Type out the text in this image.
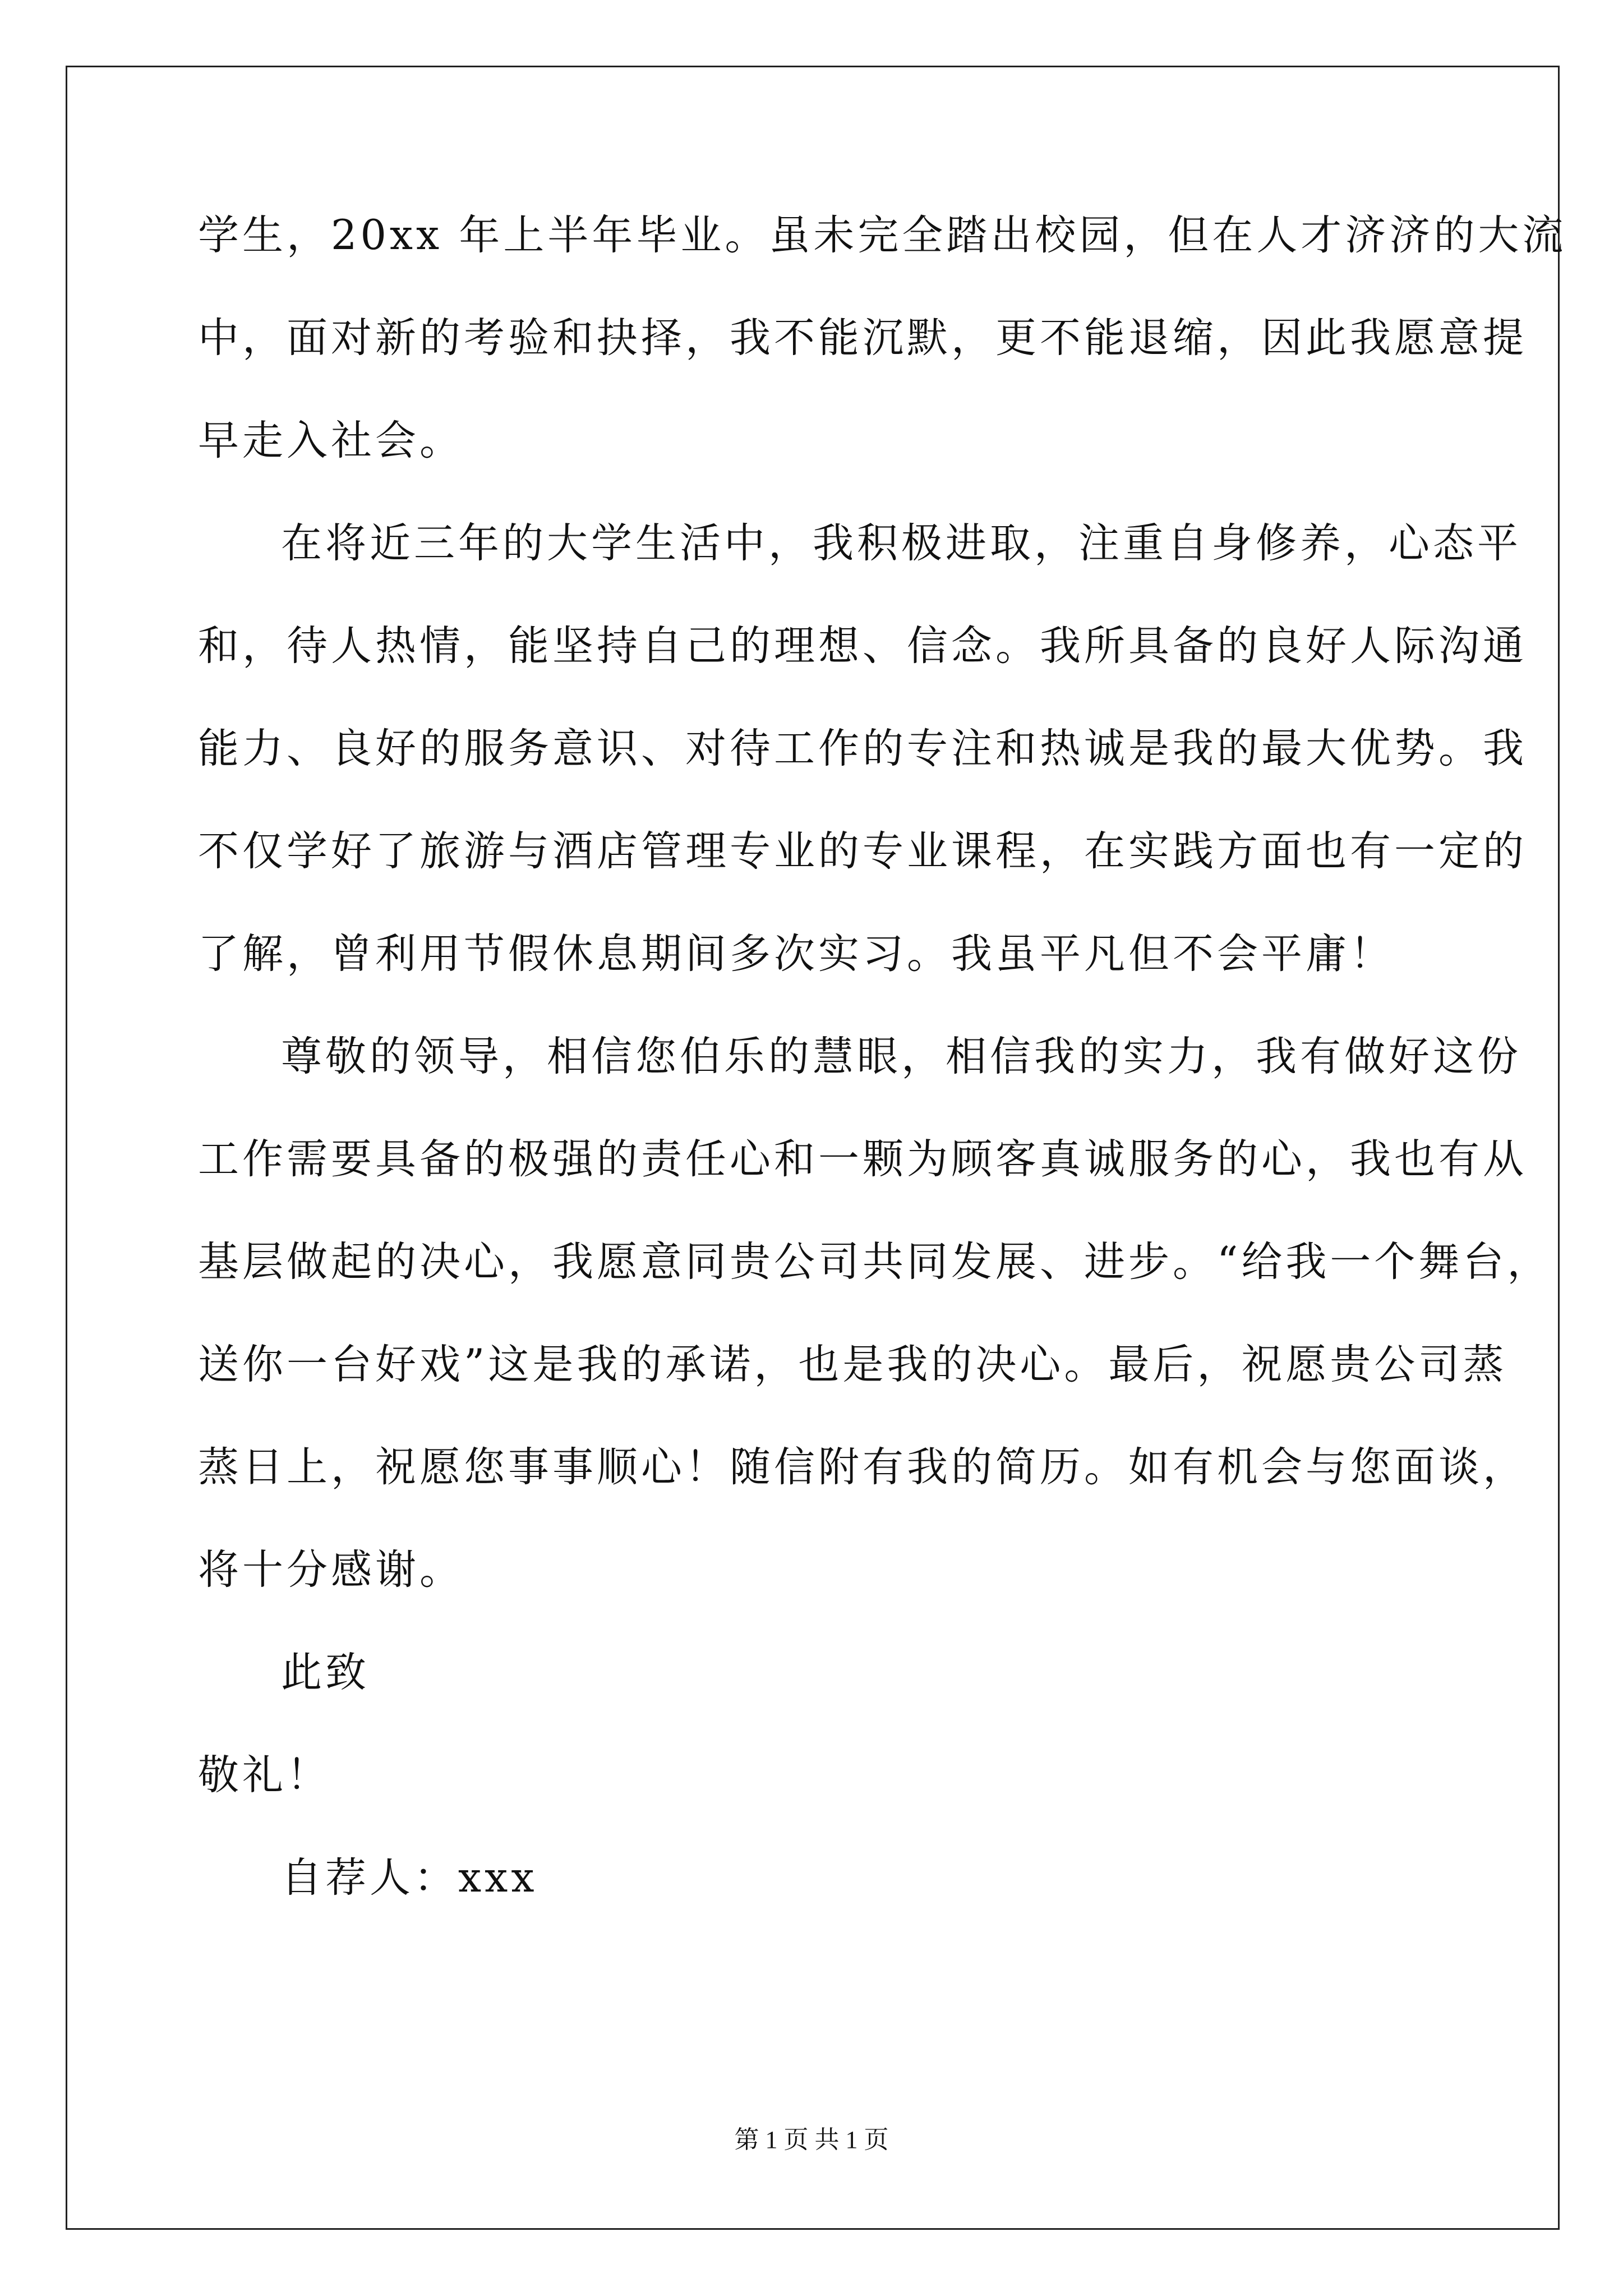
学生，20xx 年上半年毕业。虽未完全踏出校园，但在人才济济的大流
中，面对新的考验和抉择，我不能沉默，更不能退缩，因此我愿意提
早走入社会。
在将近三年的大学生活中，我积极进取，注重自身修养，心态平
和，待人热情，能坚持自己的理想、信念。我所具备的良好人际沟通
能力、良好的服务意识、对待工作的专注和热诚是我的最大优势。我
不仅学好了旅游与酒店管理专业的专业课程，在实践方面也有一定的
了解，曾利用节假休息期间多次实习。我虽平凡但不会平庸！
尊敬的领导，相信您伯乐的慧眼，相信我的实力，我有做好这份
工作需要具备的极强的责任心和一颗为顾客真诚服务的心，我也有从
基层做起的决心，我愿意同贵公司共同发展、进步。“给我一个舞台，
送你一台好戏”这是我的承诺，也是我的决心。最后，祝愿贵公司蒸
蒸日上，祝愿您事事顺心！随信附有我的简历。如有机会与您面谈，
将十分感谢。
此致
敬礼！
自荐人：xxx
第 1 页 共 1 页
